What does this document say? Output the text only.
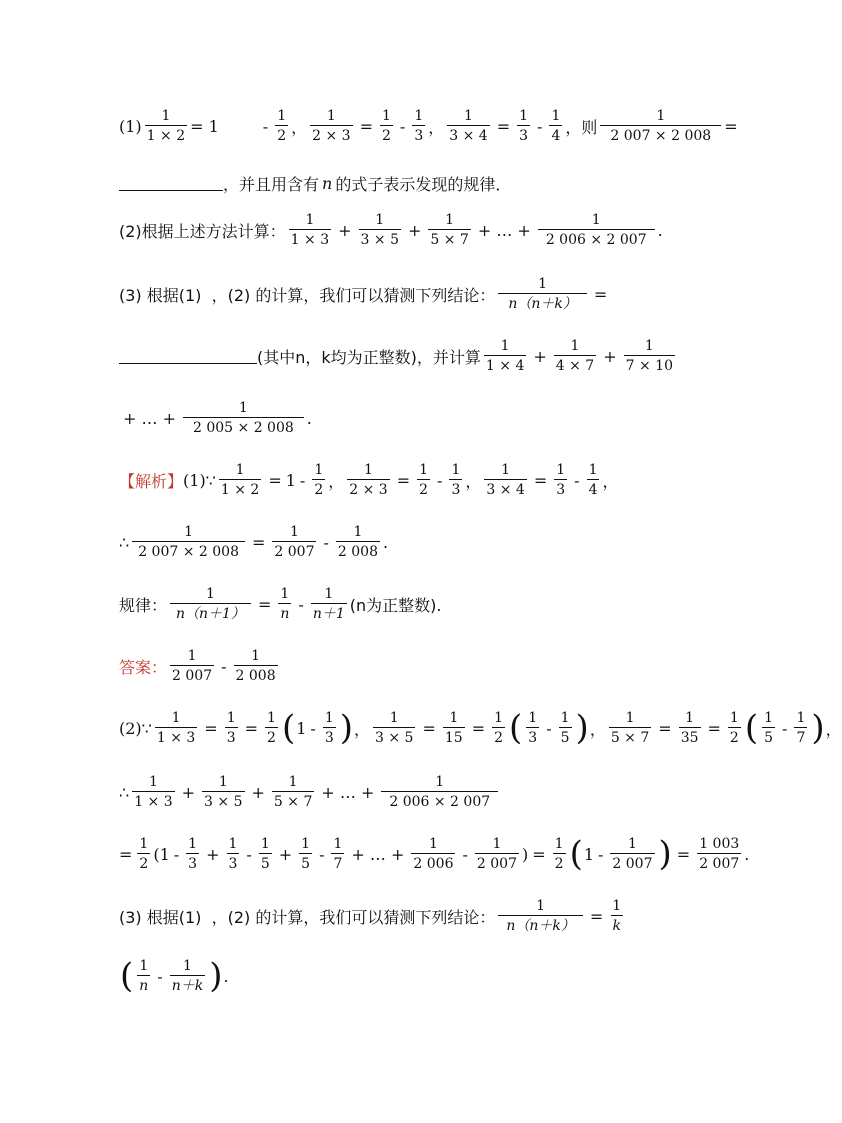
$(1) \frac{1}{1 \times 2} = 1$	- $\frac{1}{2}$ ， $\frac{1}{2 \times 3} = \frac{1}{2} - \frac{1}{3}$ ， $\frac{1}{3 \times 4} = \frac{1}{3} - \frac{1}{4}$ ，则 $\frac{1}{2 007 \times 2 008}$ =
，并且用含有 n 的式子表示发现的规律．
(2)根据上述方法计算： $\frac{1}{1 \times 3} + \frac{1}{3 \times 5} + \frac{1}{5 \times 7}$ + … + $\frac{1}{2 006 \times 2 007}$ .
(3) 根据(1)  ，(2) 的计算，我们可以猜测下列结论： $\frac{1}{n(n+k)}$ =
(其中n，k均为正整数)，并计算 $\frac{1}{1 \times 4} + \frac{1}{4 \times 7} + \frac{1}{7 \times 10}$
+ … + $\frac{1}{2 005 \times 2 008}$ .
【解析】 (1)∵ $\frac{1}{1 \times 2} = 1 - \frac{1}{2}$ ， $\frac{1}{2 \times 3} = \frac{1}{2} - \frac{1}{3}$ ， $\frac{1}{3 \times 4} = \frac{1}{3} - \frac{1}{4}$ ，
∴ $\frac{1}{2 007 \times 2 008} = \frac{1}{2 007} - \frac{1}{2 008}$ .
规律： $\frac{1}{n(n+1)} = \frac{1}{n} - \frac{1}{n+1} (n$为正整数).
答案： $\frac{1}{2 007} - \frac{1}{2 008}$
(2)∵ $\frac{1}{1 \times 3} = \frac{1}{3} = \frac{1}{2}$ ( $1 - \frac{1}{3}$ ) ， $\frac{1}{3 \times 5} = \frac{1}{15} = \frac{1}{2}$ ( $\frac{1}{3} - \frac{1}{5}$ ) ， $\frac{1}{5 \times 7} = \frac{1}{35} = \frac{1}{2}$ ( $\frac{1}{5} - \frac{1}{7}$ ) ，
∴ $\frac{1}{1 \times 3} + \frac{1}{3 \times 5} + \frac{1}{5 \times 7}$ + … + $\frac{1}{2 006 \times 2 007}$
= $\frac{1}{2}$ ( $1 - \frac{1}{3} + \frac{1}{3} - \frac{1}{5} + \frac{1}{5} - \frac{1}{7}$ + … + $\frac{1}{2 006} - \frac{1}{2 007}$ ) = $\frac{1}{2}$ ( $1 - \frac{1}{2 007}$ ) = $\frac{1 003}{2 007}$ .
(3) 根据(1)  ，(2) 的计算，我们可以猜测下列结论： $\frac{1}{n(n+k)} = \frac{1}{k}$
( $\frac{1}{n} - \frac{1}{n+k}$ ) .
